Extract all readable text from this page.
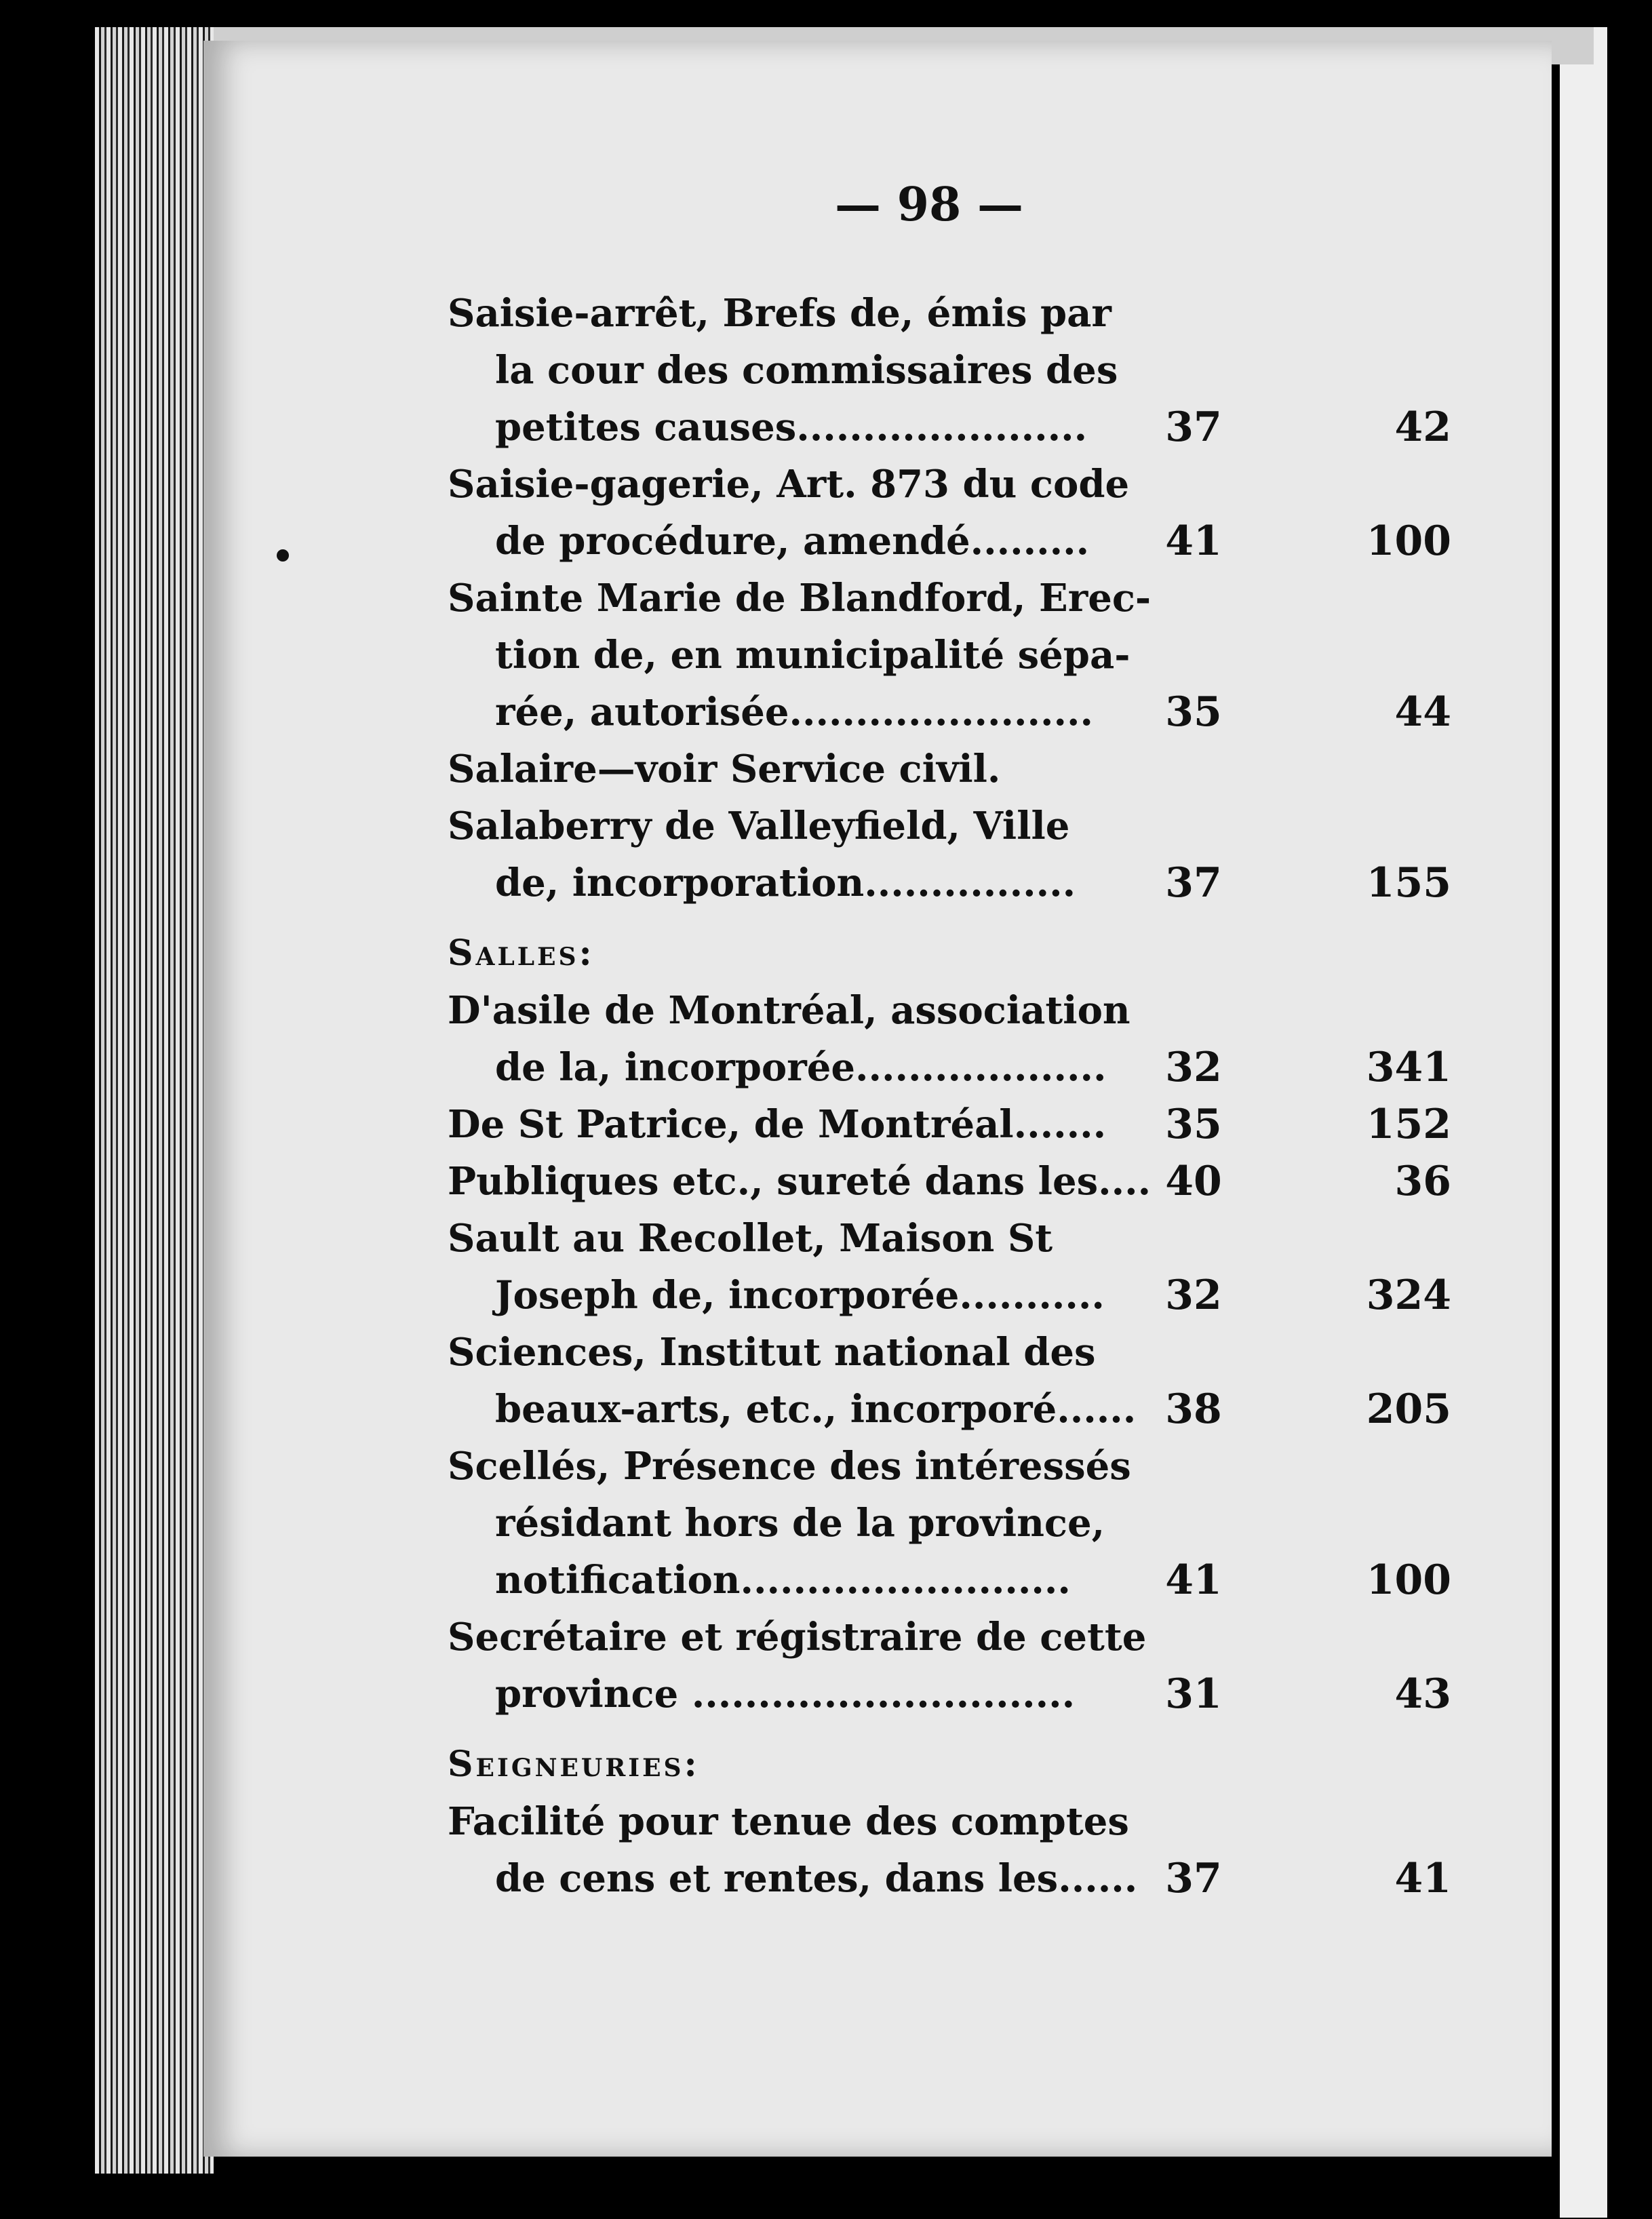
— 98 —
Saisie-arrêt, Brefs de, émis par
la cour des commissaires des
petites causes......................	37	42
Saisie-gagerie, Art. 873 du code
de procédure, amendé.........	41	100
Sainte Marie de Blandford, Erec-
tion de, en municipalité sépa-
rée, autorisée.......................	35	44
Salaire—voir Service civil.
Salaberry de Valleyfield, Ville
de, incorporation................	37	155
Salles:
D'asile de Montréal, association
de la, incorporée...................	32	341
De St Patrice, de Montréal.......	35	152
Publiques etc., sureté dans les.... 40	36
Sault au Recollet, Maison St
Joseph de, incorporée...........	32	324
Sciences, Institut national des
beaux-arts, etc., incorporé...... 38	205
Scellés, Présence des intéressés
résidant hors de la province,
notification.........................	41	100
Secrétaire et régistraire de cette
province .............................	31	43
Seigneuries:
Facilité pour tenue des comptes
de cens et rentes, dans les...... 37	41
